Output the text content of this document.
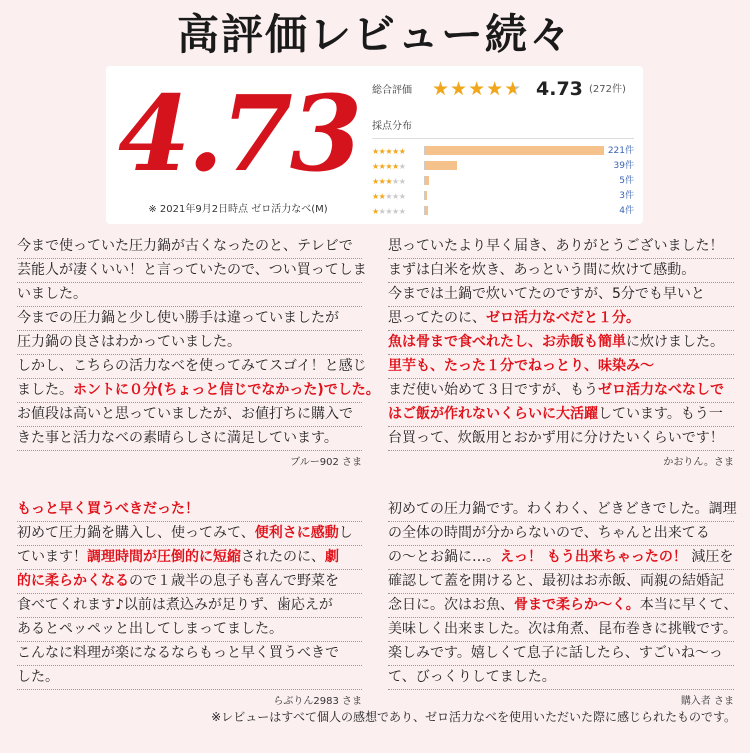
高評価レビュー続々
4.73
※ 2021年9月2日時点 ゼロ活力なべ(M)
総合評価 ★ ★ ★ ★ ★ 4.73 (272件)
採点分布
★★★★★	221件
★★★★★	39件
★★★★★	5件
★★★★★	3件
★★★★★	4件
今まで使っていた圧力鍋が古くなったのと、テレビで
芸能人が凄くいい！と言っていたので、つい買ってしま
いました。
今までの圧力鍋と少し使い勝手は違っていましたが
圧力鍋の良さはわかっていました。
しかし、こちらの活力なべを使ってみてスゴイ！と感じ
ました。ホントに０分(ちょっと信じでなかった)でした。
お値段は高いと思っていましたが、お値打ちに購入で
きた事と活力なべの素晴らしさに満足しています。
ブルー902 さま
思っていたより早く届き、ありがとうございました！
まずは白米を炊き、あっという間に炊けて感動。
今までは土鍋で炊いてたのですが、5分でも早いと
思ってたのに、ゼロ活力なべだと１分。
魚は骨まで食べれたし、お赤飯も簡単に炊けました。
里芋も、たった１分でねっとり、味染み～
まだ使い始めて３日ですが、もうゼロ活力なべなしで
はご飯が作れないくらいに大活躍しています。もう一
台買って、炊飯用とおかず用に分けたいくらいです！
かおりん。さま
もっと早く買うべきだった！
初めて圧力鍋を購入し、使ってみて、便利さに感動し
ています！調理時間が圧倒的に短縮されたのに、劇
的に柔らかくなるので１歳半の息子も喜んで野菜を
食べてくれます♪以前は煮込みが足りず、歯応えが
あるとペッペッと出してしまってました。
こんなに料理が楽になるならもっと早く買うべきで
した。
らぶりん2983 さま
初めての圧力鍋です。わくわく、どきどきでした。調理
の全体の時間が分からないので、ちゃんと出来てる
の～とお鍋に…。えっ！ もう出来ちゃったの！ 減圧を
確認して蓋を開けると、最初はお赤飯、両親の結婚記
念日に。次はお魚、骨まで柔らか～く。本当に早くて、
美味しく出来ました。次は角煮、昆布巻きに挑戦です。
楽しみです。嬉しくて息子に話したら、すごいね～っ
て、びっくりしてました。
購入者 さま
※レビューはすべて個人の感想であり、ゼロ活力なべを使用いただいた際に感じられたものです。
